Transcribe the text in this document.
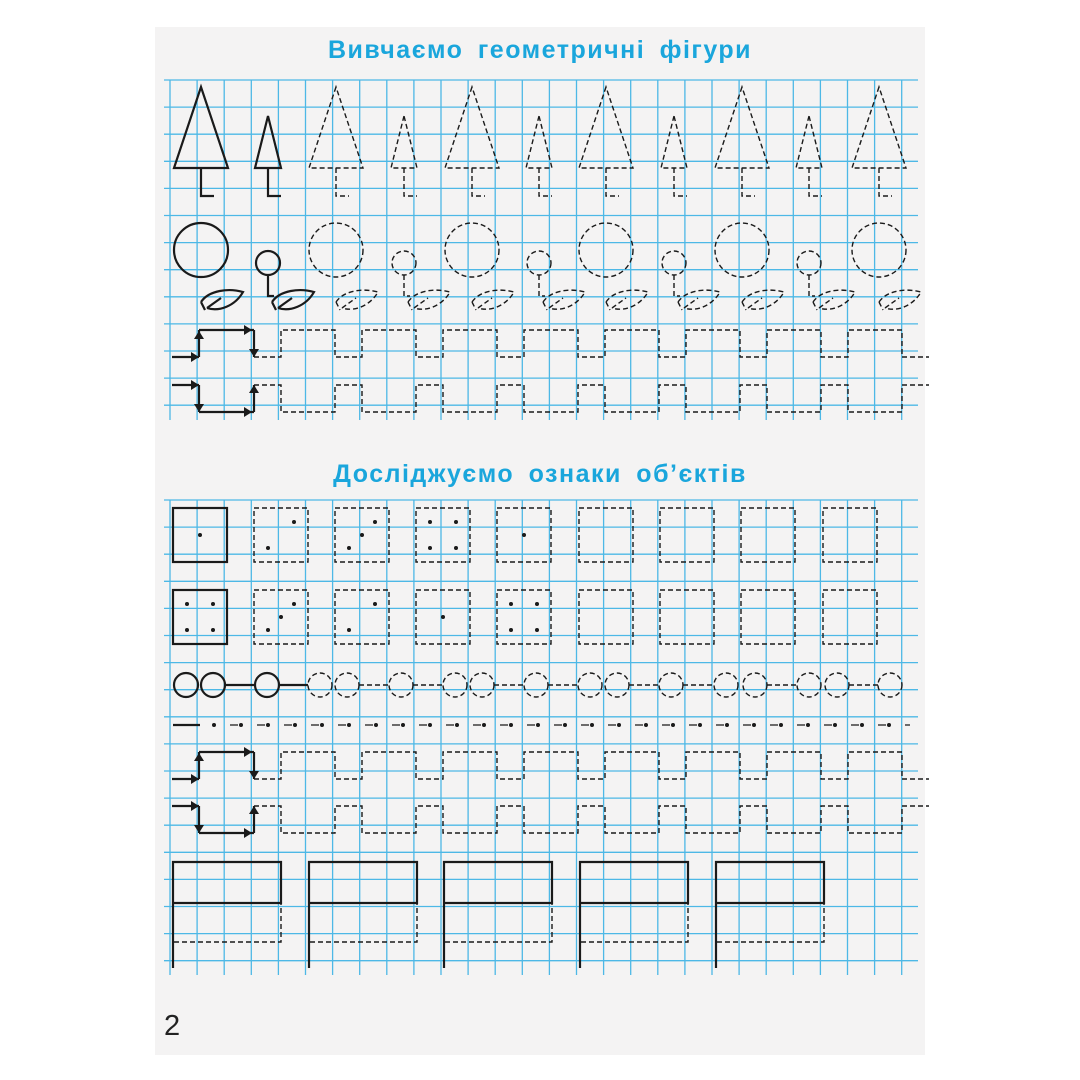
Вивчаємо геометричні фігури
Досліджуємо ознаки об’єктів

2
